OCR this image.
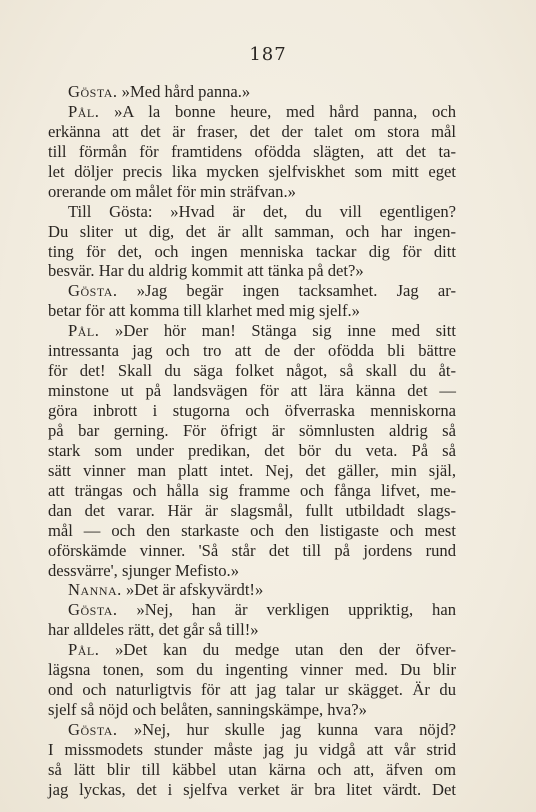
187
Gösta. »Med hård panna.»
Pål. »A la bonne heure, med hård panna, och
erkänna att det är fraser, det der talet om stora mål
till förmån för framtidens ofödda slägten, att det ta-
let döljer precis lika mycken sjelfviskhet som mitt eget
orerande om målet för min sträfvan.»
Till Gösta: »Hvad är det, du vill egentligen?
Du sliter ut dig, det är allt samman, och har ingen-
ting för det, och ingen menniska tackar dig för ditt
besvär. Har du aldrig kommit att tänka på det?»
Gösta. »Jag begär ingen tacksamhet. Jag ar-
betar för att komma till klarhet med mig sjelf.»
Pål. »Der hör man! Stänga sig inne med sitt
intressanta jag och tro att de der ofödda bli bättre
för det! Skall du säga folket något, så skall du åt-
minstone ut på landsvägen för att lära känna det —
göra inbrott i stugorna och öfverraska menniskorna
på bar gerning. För öfrigt är sömnlusten aldrig så
stark som under predikan, det bör du veta. På så
sätt vinner man platt intet. Nej, det gäller, min själ,
att trängas och hålla sig framme och fånga lifvet, me-
dan det varar. Här är slagsmål, fullt utbildadt slags-
mål — och den starkaste och den listigaste och mest
oförskämde vinner. 'Så står det till på jordens rund
dessvärre', sjunger Mefisto.»
Nanna. »Det är afskyvärdt!»
Gösta. »Nej, han är verkligen uppriktig, han
har alldeles rätt, det går så till!»
Pål. »Det kan du medge utan den der öfver-
lägsna tonen, som du ingenting vinner med. Du blir
ond och naturligtvis för att jag talar ur skägget. Är du
sjelf så nöjd och belåten, sanningskämpe, hva?»
Gösta. »Nej, hur skulle jag kunna vara nöjd?
I missmodets stunder måste jag ju vidgå att vår strid
så lätt blir till käbbel utan kärna och att, äfven om
jag lyckas, det i sjelfva verket är bra litet värdt. Det
